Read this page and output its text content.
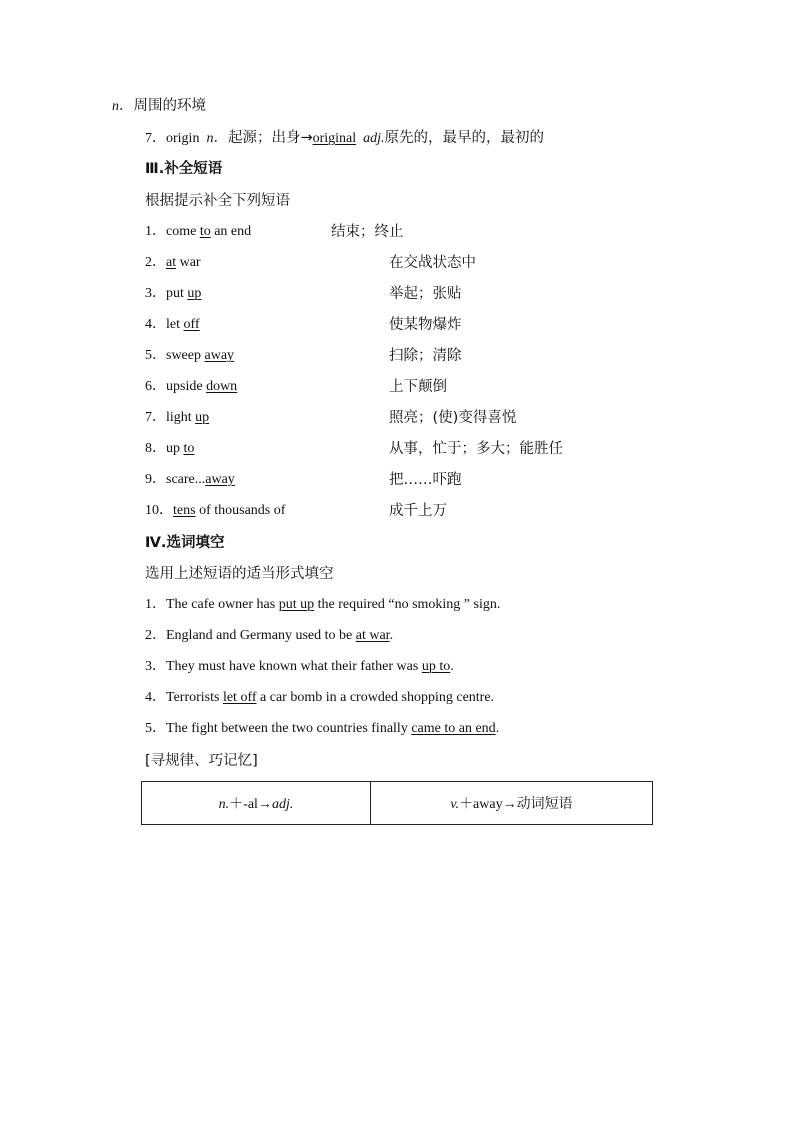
n．周围的环境
7．origin n．起源；出身→original adj.原先的，最早的，最初的
Ⅲ.补全短语
根据提示补全下列短语
1．come to an end	结束；终止
2．at war	在交战状态中
3．put up	举起；张贴
4．let off	使某物爆炸
5．sweep away	扫除；清除
6．upside down	上下颠倒
7．light up	照亮；(使)变得喜悦
8．up to	从事，忙于；多大；能胜任
9．scare...away	把……吓跑
10．tens of thousands of	成千上万
Ⅳ.选词填空
选用上述短语的适当形式填空
1．The cafe owner has put up the required “no smoking ” sign.
2．England and Germany used to be at war.
3．They must have known what their father was up to.
4．Terrorists let off a car bomb in a crowded shopping centre.
5．The fight between the two countries finally came to an end.
[寻规律、巧记忆]
n.＋-al→adj.	v.＋away→动词短语
